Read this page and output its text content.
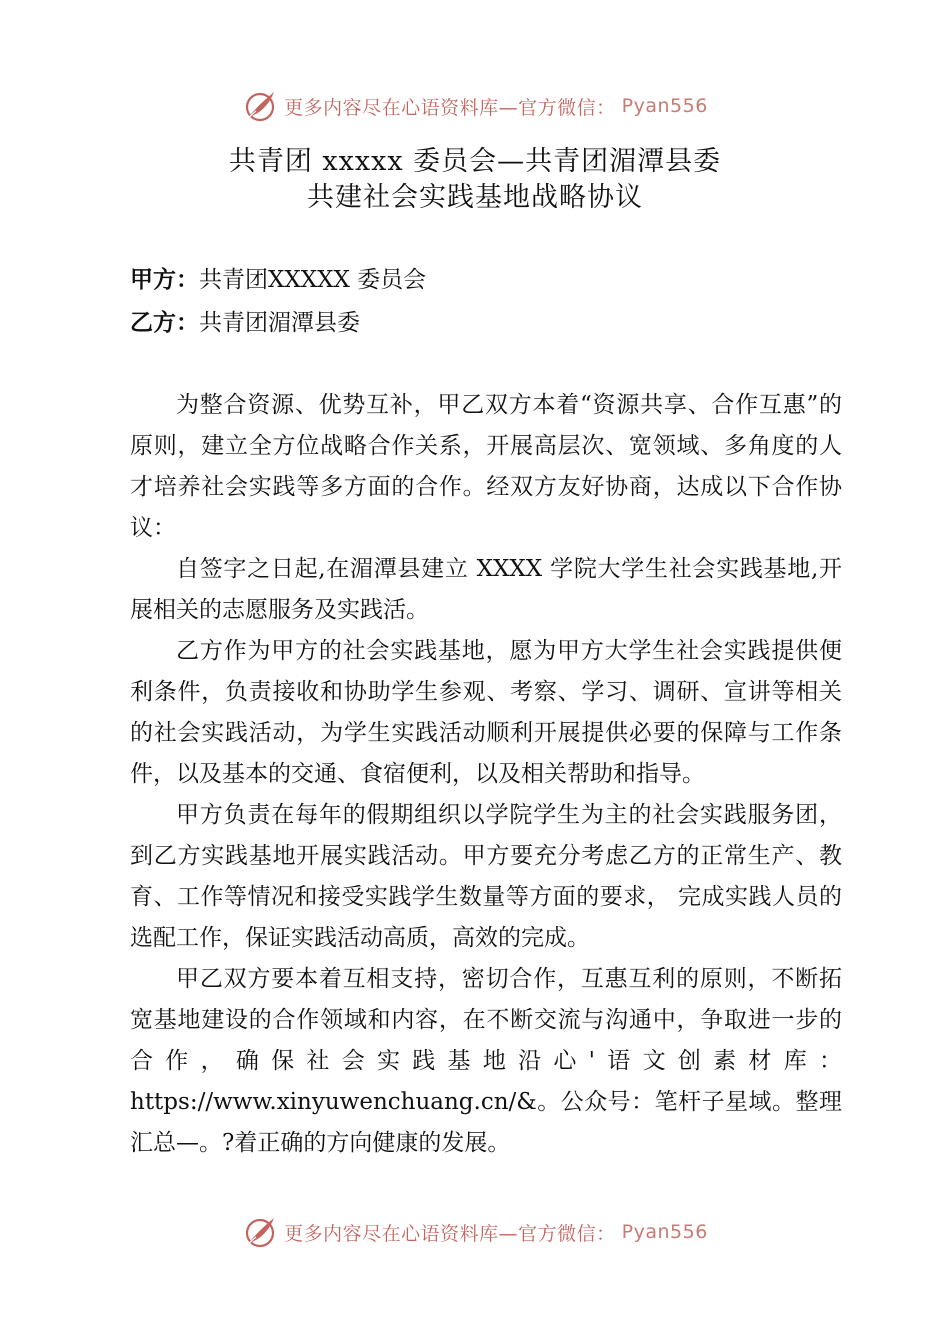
更多内容尽在心语资料库—官方微信： Pyan556
共青团 xxxxx 委员会—共青团湄潭县委
共建社会实践基地战略协议
甲方：共青团XXXXX 委员会
乙方：共青团湄潭县委

为整合资源、优势互补，甲乙双方本着“资源共享、合作互惠”的原则，建立全方位战略合作关系，开展高层次、宽领域、多角度的人才培养社会实践等多方面的合作。经双方友好协商，达成以下合作协议：

自签字之日起,在湄潭县建立 XXXX 学院大学生社会实践基地,开展相关的志愿服务及实践活。

乙方作为甲方的社会实践基地，愿为甲方大学生社会实践提供便利条件，负责接收和协助学生参观、考察、学习、调研、宣讲等相关的社会实践活动，为学生实践活动顺利开展提供必要的保障与工作条件，以及基本的交通、食宿便利，以及相关帮助和指导。

甲方负责在每年的假期组织以学院学生为主的社会实践服务团，到乙方实践基地开展实践活动。甲方要充分考虑乙方的正常生产、教育、工作等情况和接受实践学生数量等方面的要求， 完成实践人员的选配工作，保证实践活动高质，高效的完成。

甲乙双方要本着互相支持，密切合作，互惠互利的原则，不断拓宽基地建设的合作领域和内容，在不断交流与沟通中，争取进一步的合作，确保社会实践基地沿心'语文创素材库：https://www.xinyuwenchuang.cn/&。公众号：笔杆子星域。整理汇总—。?着正确的方向健康的发展。

更多内容尽在心语资料库—官方微信： Pyan556
